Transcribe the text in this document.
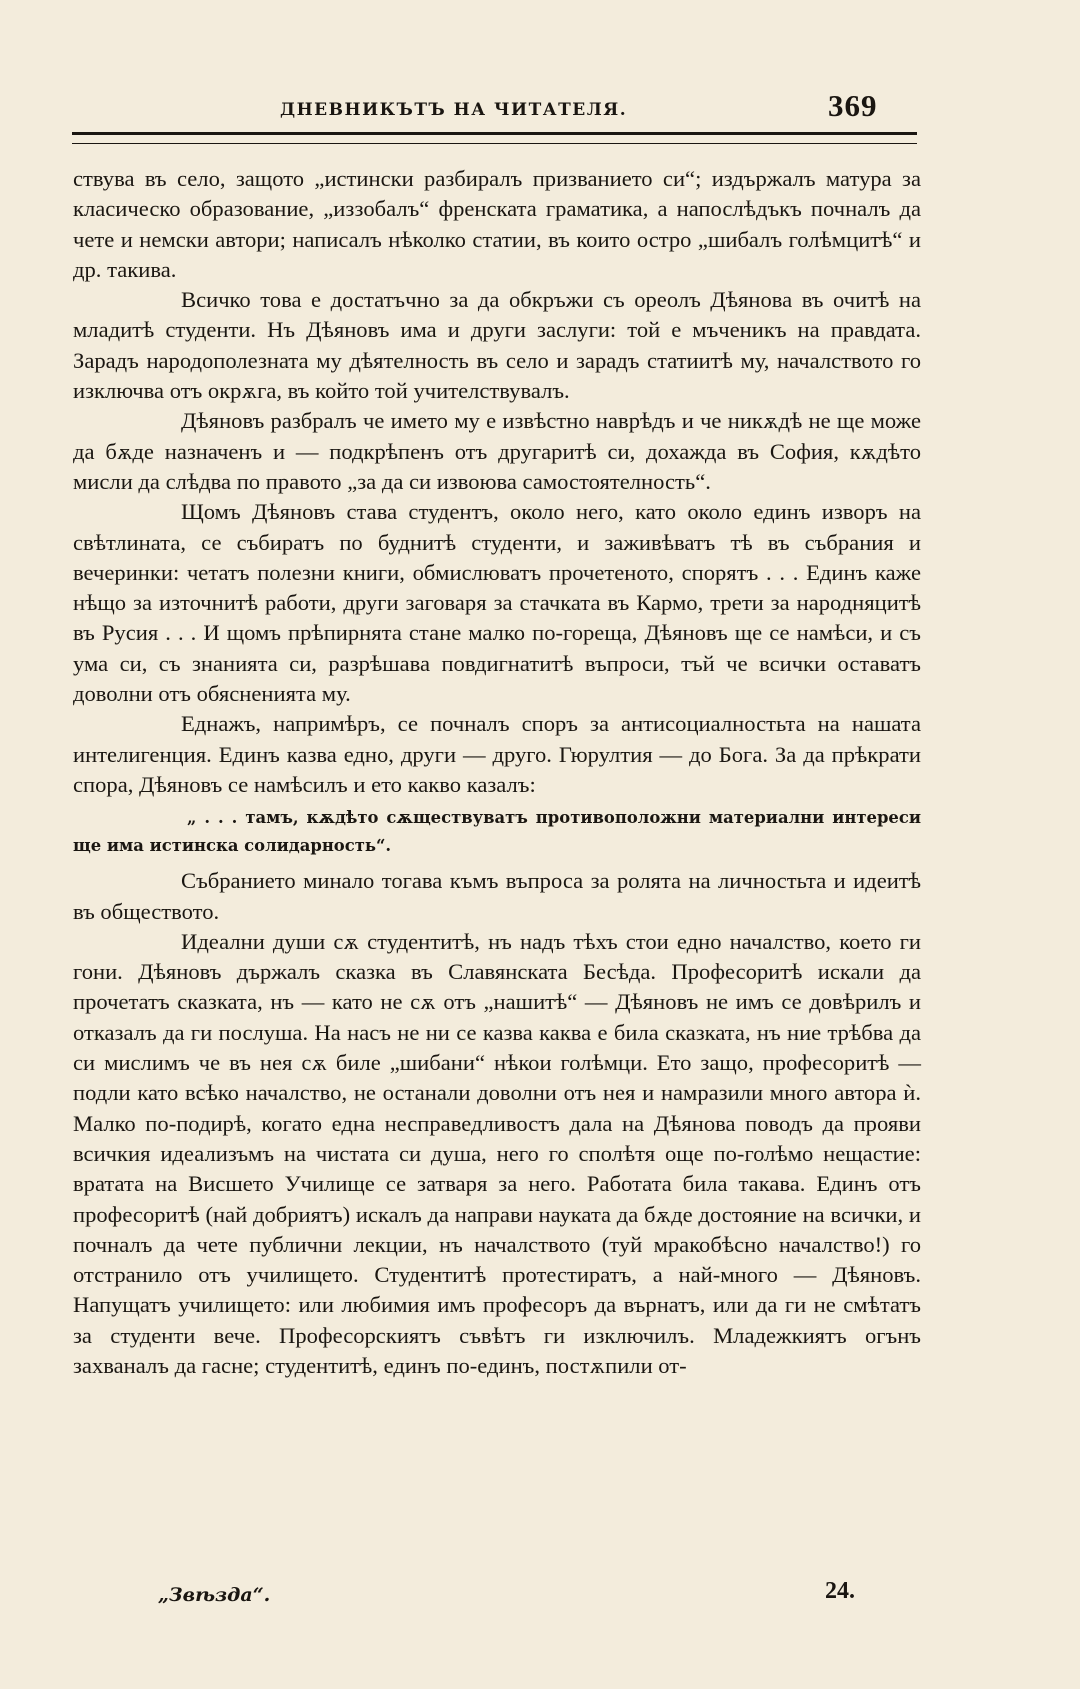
ДНЕВНИКЪТЪ НА ЧИТАТЕЛЯ.	369

ствува въ село, защото „истински разбиралъ призванието си“; издържалъ матура за класическо образование, „иззобалъ“ френската граматика, а напослѣдъкъ почналъ да чете и немски автори; написалъ нѣколко статии, въ които остро „шибалъ голѣмцитѣ“ и др. такива.

Всичко това е достатъчно за да обкръжи съ ореолъ Дѣянова въ очитѣ на младитѣ студенти. Нъ Дѣяновъ има и други заслуги: той е мъченикъ на правдата. Зарадъ народополезната му дѣятелность въ село и зарадъ статиитѣ му, началството го изключва отъ окрѫга, въ който той учителствувалъ.

Дѣяновъ разбралъ че името му е извѣстно наврѣдъ и че никѫдѣ не ще може да бѫде назначенъ и — подкрѣпенъ отъ другаритѣ си, дохажда въ София, кѫдѣто мисли да слѣдва по правото „за да си извоюва самостоятелность“.

Щомъ Дѣяновъ става студентъ, около него, като около единъ изворъ на свѣтлината, се събиратъ по буднитѣ студенти, и заживѣватъ тѣ въ събрания и вечеринки: четатъ полезни книги, обмислюватъ прочетеното, спорятъ . . . Единъ каже нѣщо за източнитѣ работи, други заговаря за стачката въ Кармо, трети за народняцитѣ въ Русия . . . И щомъ прѣпирнята стане малко по-гореща, Дѣяновъ ще се намѣси, и съ ума си, съ знанията си, разрѣшава повдигнатитѣ въпроси, тъй че всички оставатъ доволни отъ обясненията му.

Еднажъ, напримѣръ, се почналъ споръ за антисоциалностьта на нашата интелигенция. Единъ казва едно, други — друго. Гюрултия — до Бога. За да прѣкрати спора, Дѣяновъ се намѣсилъ и ето какво казалъ:

„ . . . тамъ, кѫдѣто сѫществуватъ противоположни материални интереси ще има истинска солидарность“.

Събранието минало тогава къмъ въпроса за ролята на личностьта и идеитѣ въ обществото.

Идеални души сѫ студентитѣ, нъ надъ тѣхъ стои едно началство, което ги гони. Дѣяновъ държалъ сказка въ Славянската Бесѣда. Професоритѣ искали да прочетатъ сказката, нъ — като не сѫ отъ „нашитѣ“ — Дѣяновъ не имъ се довѣрилъ и отказалъ да ги послуша. На насъ не ни се казва каква е била сказката, нъ ние трѣбва да си мислимъ че въ нея сѫ биле „шибани“ нѣкои голѣмци. Ето защо, професоритѣ — подли като всѣко началство, не останали доволни отъ нея и намразили много автора ѝ. Малко по-подирѣ, когато една несправедливостъ дала на Дѣянова поводъ да прояви всичкия идеализъмъ на чистата си душа, него го сполѣтя още по-голѣмо нещастие: вратата на Висшето Училище се затваря за него. Работата била такава. Единъ отъ професоритѣ (най добриятъ) искалъ да направи науката да бѫде достояние на всички, и почналъ да чете публични лекции, нъ началството (туй мракобѣсно началство!) го отстранило отъ училището. Студентитѣ протестиратъ, а най-много — Дѣяновъ. Напущатъ училището: или любимия имъ професоръ да върнатъ, или да ги не смѣтатъ за студенти вече. Професорскиятъ съвѣтъ ги изключилъ. Младежкиятъ огънъ захваналъ да гасне; студентитѣ, единъ по-единъ, постѫпили от-

„Звѣзда“.	24.
